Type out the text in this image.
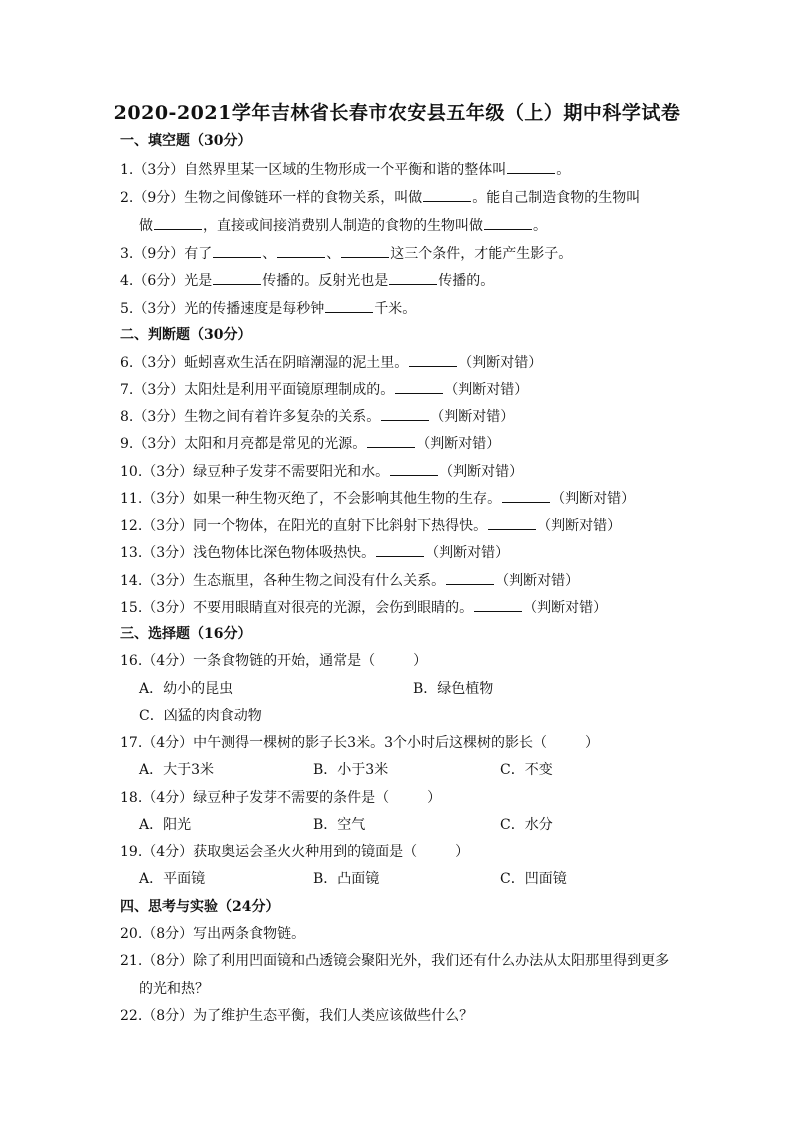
2020-2021学年吉林省长春市农安县五年级（上）期中科学试卷
一、填空题（30分）
1.（3分）自然界里某一区域的生物形成一个平衡和谐的整体叫	。
2.（9分）生物之间像链环一样的食物关系，叫做	。能自己制造食物的生物叫
做	，直接或间接消费别人制造的食物的生物叫做	。
3.（9分）有了	、	、	这三个条件，才能产生影子。
4.（6分）光是	传播的。反射光也是	传播的。
5.（3分）光的传播速度是每秒钟	千米。
二、判断题（30分）
6.（3分）蚯蚓喜欢生活在阴暗潮湿的泥土里。	（判断对错）
7.（3分）太阳灶是利用平面镜原理制成的。	（判断对错）
8.（3分）生物之间有着许多复杂的关系。	（判断对错）
9.（3分）太阳和月亮都是常见的光源。	（判断对错）
10.（3分）绿豆种子发芽不需要阳光和水。	（判断对错）
11.（3分）如果一种生物灭绝了，不会影响其他生物的生存。	（判断对错）
12.（3分）同一个物体，在阳光的直射下比斜射下热得快。	（判断对错）
13.（3分）浅色物体比深色物体吸热快。	（判断对错）
14.（3分）生态瓶里，各种生物之间没有什么关系。	（判断对错）
15.（3分）不要用眼睛直对很亮的光源，会伤到眼睛的。	（判断对错）
三、选择题（16分）
16.（4分）一条食物链的开始，通常是（	）
A．幼小的昆虫	B．绿色植物
C．凶猛的肉食动物
17.（4分）中午测得一棵树的影子长3米。3个小时后这棵树的影长（	）
A．大于3米	B．小于3米	C．不变
18.（4分）绿豆种子发芽不需要的条件是（	）
A．阳光	B．空气	C．水分
19.（4分）获取奥运会圣火火种用到的镜面是（	）
A．平面镜	B．凸面镜	C．凹面镜
四、思考与实验（24分）
20.（8分）写出两条食物链。
21.（8分）除了利用凹面镜和凸透镜会聚阳光外，我们还有什么办法从太阳那里得到更多
的光和热？
22.（8分）为了维护生态平衡，我们人类应该做些什么？
